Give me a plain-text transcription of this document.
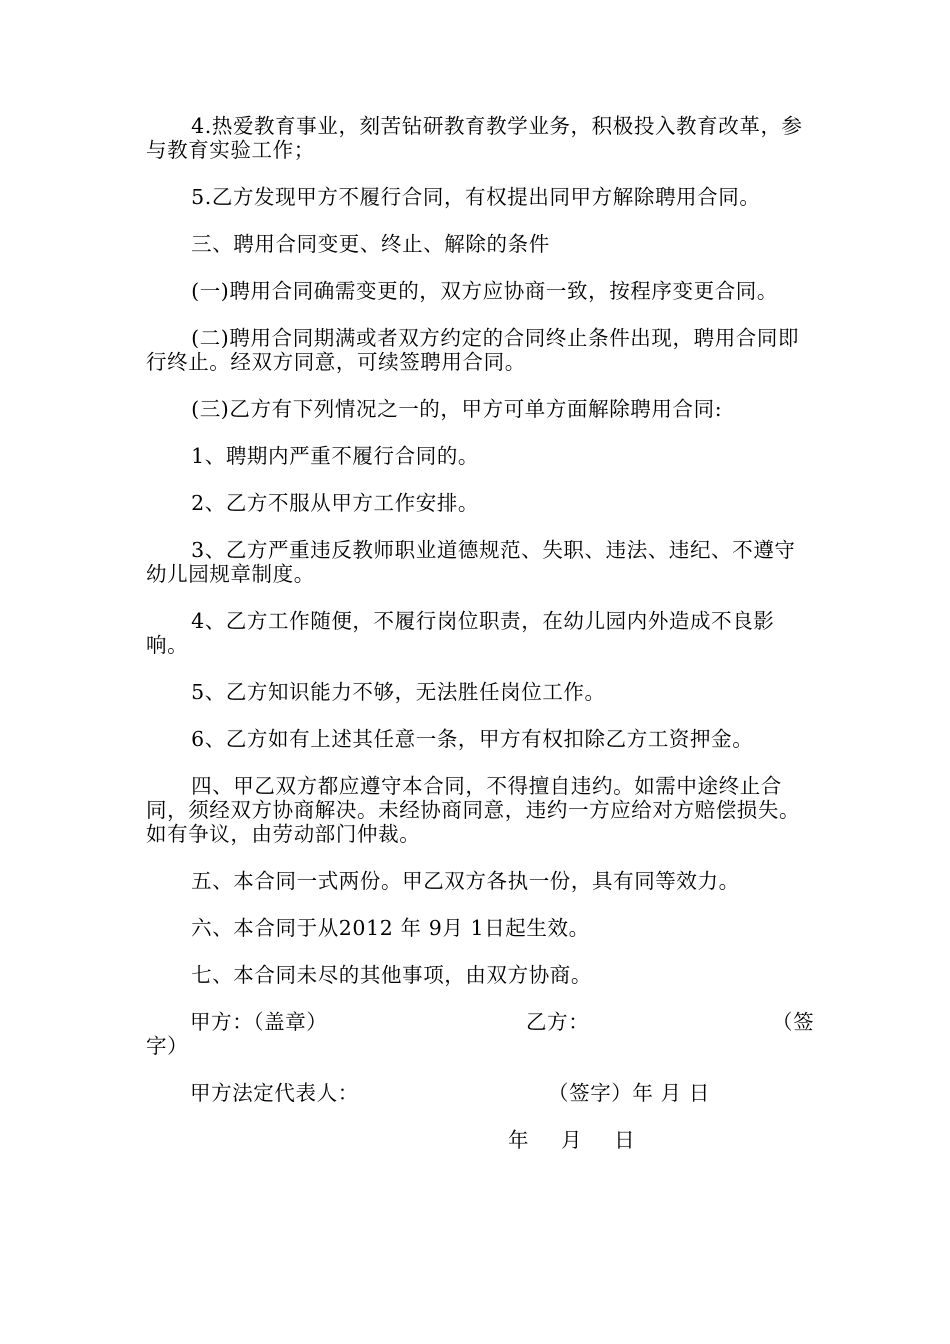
4.热爱教育事业，刻苦钻研教育教学业务，积极投入教育改革，参与教育实验工作；

5.乙方发现甲方不履行合同，有权提出同甲方解除聘用合同。

三、聘用合同变更、终止、解除的条件

(一)聘用合同确需变更的，双方应协商一致，按程序变更合同。

(二)聘用合同期满或者双方约定的合同终止条件出现，聘用合同即行终止。经双方同意，可续签聘用合同。

(三)乙方有下列情况之一的，甲方可单方面解除聘用合同:

1、聘期内严重不履行合同的。

2、乙方不服从甲方工作安排。

3、乙方严重违反教师职业道德规范、失职、违法、违纪、不遵守幼儿园规章制度。

4、乙方工作随便，不履行岗位职责，在幼儿园内外造成不良影响。

5、乙方知识能力不够，无法胜任岗位工作。

6、乙方如有上述其任意一条，甲方有权扣除乙方工资押金。

四、甲乙双方都应遵守本合同，不得擅自违约。如需中途终止合同，须经双方协商解决。未经协商同意，违约一方应给对方赔偿损失。如有争议，由劳动部门仲裁。

五、本合同一式两份。甲乙双方各执一份，具有同等效力。

六、本合同于从2012 年 9月 1日起生效。

七、本合同未尽的其他事项，由双方协商。

甲方：（盖章）	乙方：	（签
字）
甲方法定代表人：	（签字）年 月 日
年     月     日
